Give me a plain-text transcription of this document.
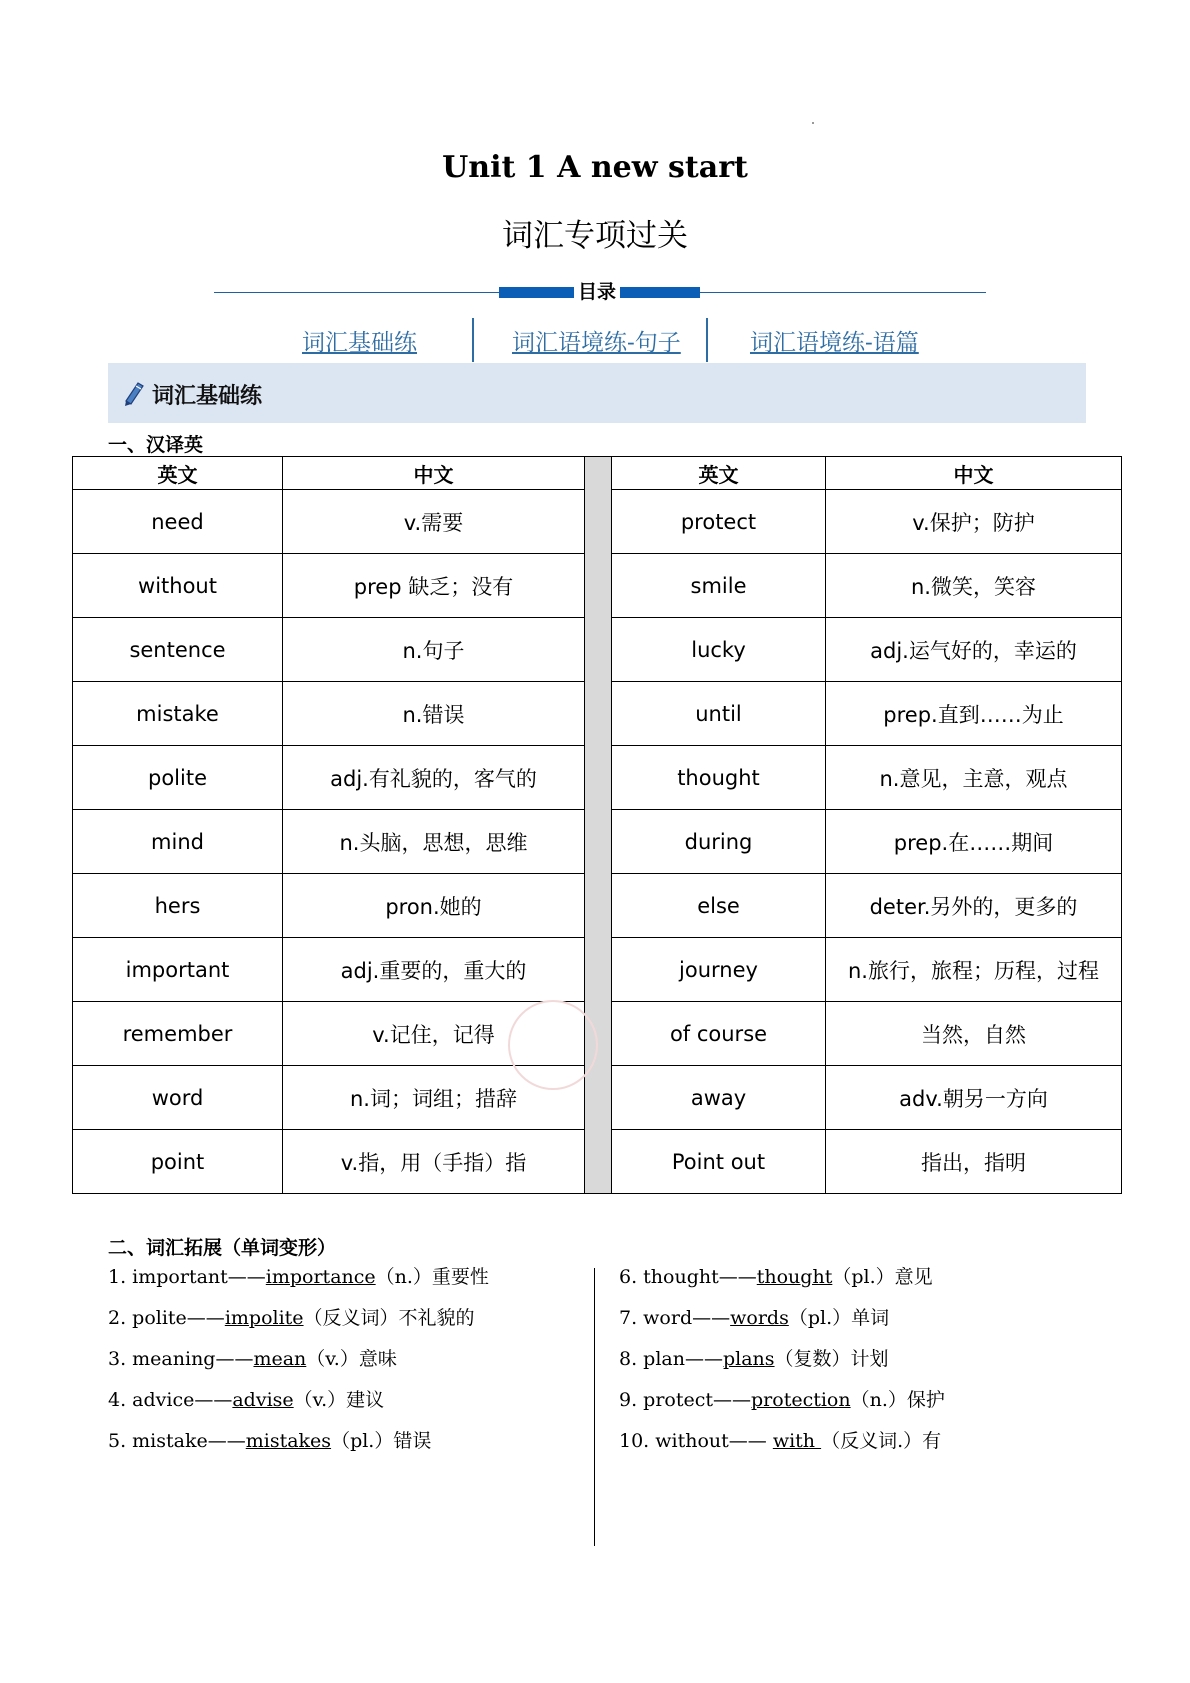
Unit 1 A new start
词汇专项过关
目录
词汇基础练	词汇语境练-句子	词汇语境练-语篇
词汇基础练
一、汉译英
英文	中文		英文	中文
need	v.需要		protect	v.保护；防护
without	prep 缺乏；没有		smile	n.微笑，笑容
sentence	n.句子		lucky	adj.运气好的，幸运的
mistake	n.错误		until	prep.直到……为止
polite	adj.有礼貌的，客气的		thought	n.意见，主意，观点
mind	n.头脑，思想，思维		during	prep.在……期间
hers	pron.她的		else	deter.另外的，更多的
important	adj.重要的，重大的		journey	n.旅行，旅程；历程，过程
remember	v.记住，记得		of course	当然，自然
word	n.词；词组；措辞		away	adv.朝另一方向
point	v.指，用（手指）指		Point out	指出，指明
二、词汇拓展（单词变形）
1. important——importance（n.）重要性
2. polite——impolite（反义词）不礼貌的
3. meaning——mean（v.）意味
4. advice——advise（v.）建议
5. mistake——mistakes（pl.）错误
6. thought——thought（pl.）意见
7. word——words（pl.）单词
8. plan——plans（复数）计划
9. protect——protection（n.）保护
10. without—— with （反义词.）有
